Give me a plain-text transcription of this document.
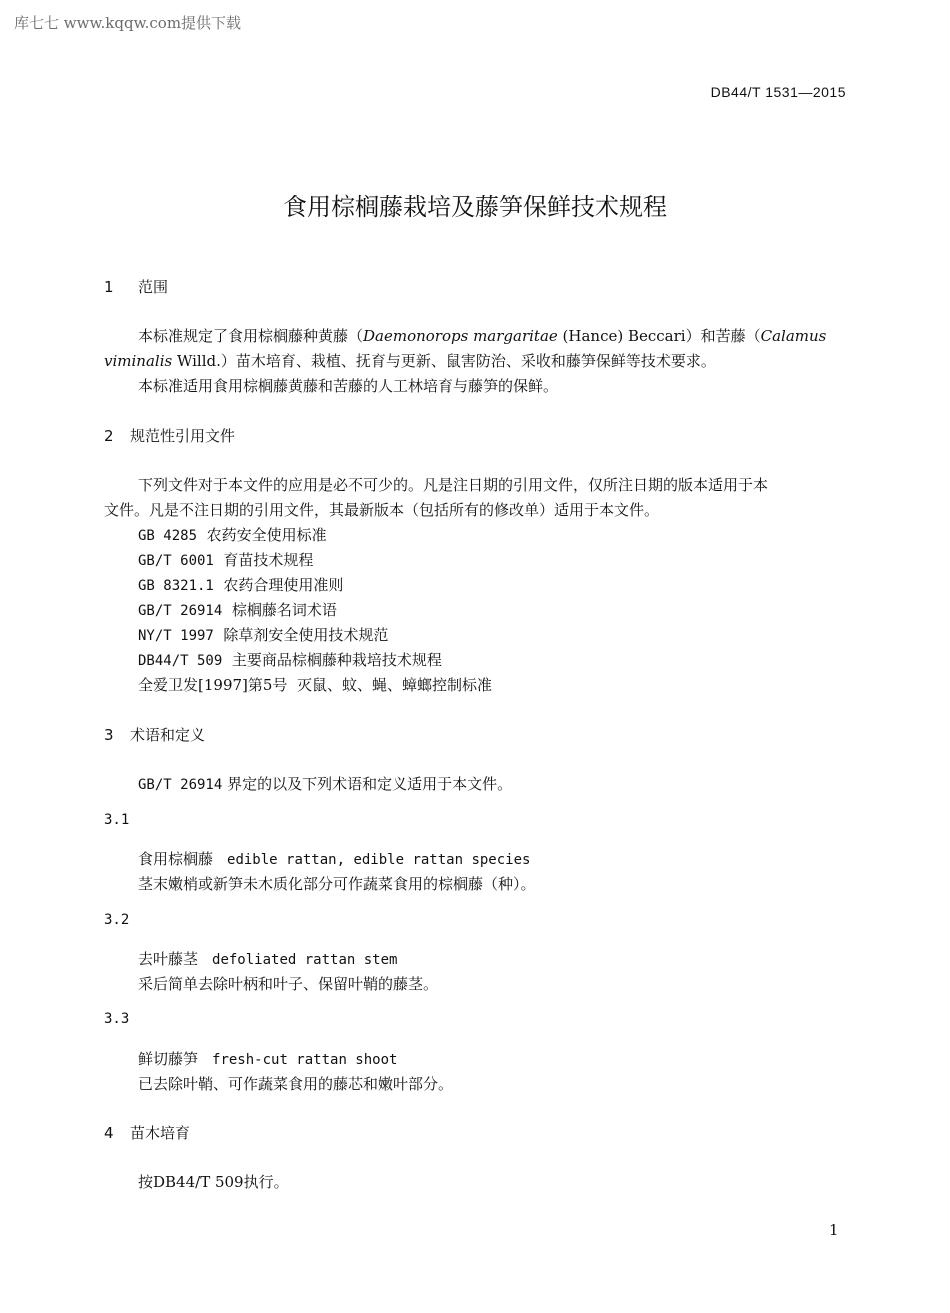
库七七 www.kqqw.com提供下载
DB44/T 1531—2015
食用棕榈藤栽培及藤笋保鲜技术规程
1 范围
本标准规定了食用棕榈藤种黄藤（Daemonorops margaritae (Hance) Beccari）和苦藤（Calamus
viminalis Willd.）苗木培育、栽植、抚育与更新、鼠害防治、采收和藤笋保鲜等技术要求。
本标准适用食用棕榈藤黄藤和苦藤的人工林培育与藤笋的保鲜。
2 规范性引用文件
下列文件对于本文件的应用是必不可少的。凡是注日期的引用文件，仅所注日期的版本适用于本
文件。凡是不注日期的引用文件，其最新版本（包括所有的修改单）适用于本文件。
GB 4285 农药安全使用标准
GB/T 6001 育苗技术规程
GB 8321.1 农药合理使用准则
GB/T 26914 棕榈藤名词术语
NY/T 1997 除草剂安全使用技术规范
DB44/T 509 主要商品棕榈藤种栽培技术规程
全爱卫发[1997]第5号 灭鼠、蚊、蝇、蟑螂控制标准
3 术语和定义
GB/T 26914 界定的以及下列术语和定义适用于本文件。
3.1
食用棕榈藤 edible rattan, edible rattan species
茎末嫩梢或新笋未木质化部分可作蔬菜食用的棕榈藤（种）。
3.2
去叶藤茎 defoliated rattan stem
采后简单去除叶柄和叶子、保留叶鞘的藤茎。
3.3
鲜切藤笋 fresh-cut rattan shoot
已去除叶鞘、可作蔬菜食用的藤芯和嫩叶部分。
4 苗木培育
按DB44/T 509执行。
1
